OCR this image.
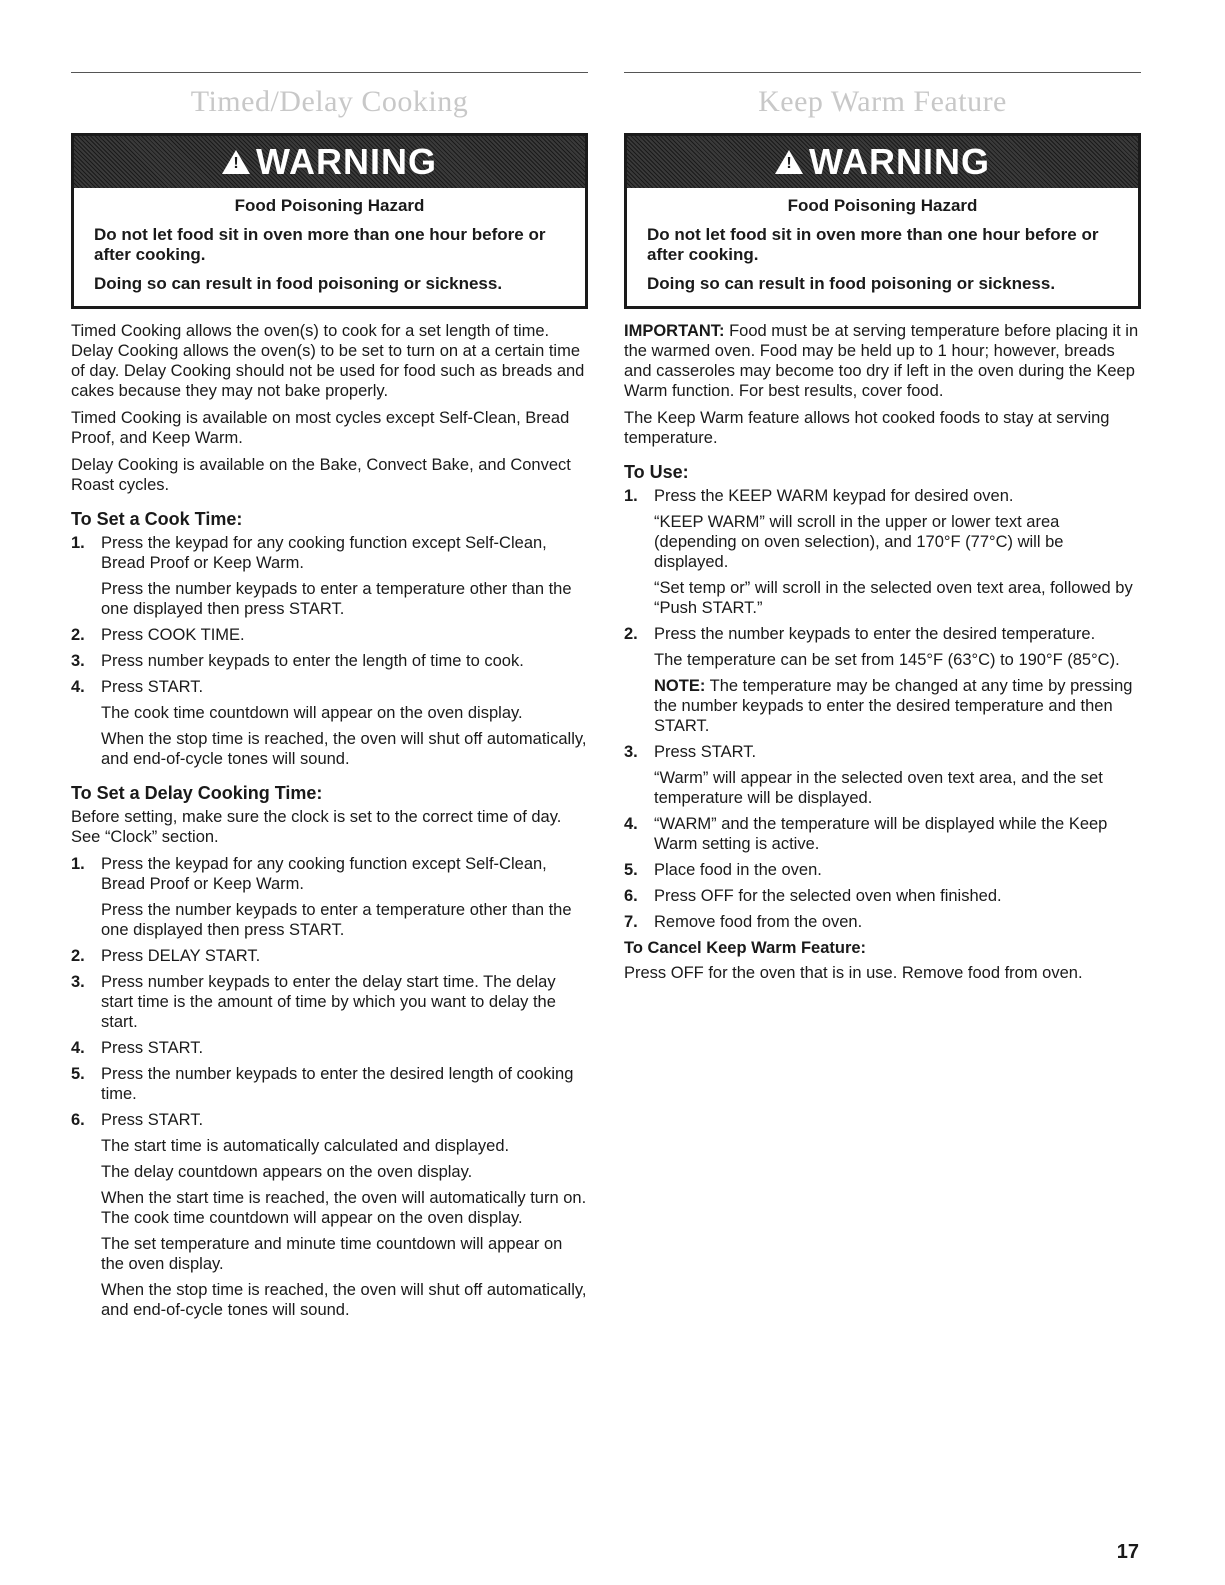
Timed/Delay Cooking
! WARNING

Food Poisoning Hazard

Do not let food sit in oven more than one hour before or after cooking.

Doing so can result in food poisoning or sickness.

Timed Cooking allows the oven(s) to cook for a set length of time. Delay Cooking allows the oven(s) to be set to turn on at a certain time of day. Delay Cooking should not be used for food such as breads and cakes because they may not bake properly.

Timed Cooking is available on most cycles except Self-Clean, Bread Proof, and Keep Warm.

Delay Cooking is available on the Bake, Convect Bake, and Convect Roast cycles.

To Set a Cook Time:
1. Press the keypad for any cooking function except Self-Clean, Bread Proof or Keep Warm.

Press the number keypads to enter a temperature other than the one displayed then press START.

2. Press COOK TIME.

3. Press number keypads to enter the length of time to cook.

4. Press START.

The cook time countdown will appear on the oven display.

When the stop time is reached, the oven will shut off automatically, and end-of-cycle tones will sound.

To Set a Delay Cooking Time:

Before setting, make sure the clock is set to the correct time of day. See “Clock” section.

1. Press the keypad for any cooking function except Self-Clean, Bread Proof or Keep Warm.

Press the number keypads to enter a temperature other than the one displayed then press START.

2. Press DELAY START.

3. Press number keypads to enter the delay start time. The delay start time is the amount of time by which you want to delay the start.

4. Press START.

5. Press the number keypads to enter the desired length of cooking time.

6. Press START.

The start time is automatically calculated and displayed.

The delay countdown appears on the oven display.

When the start time is reached, the oven will automatically turn on. The cook time countdown will appear on the oven display.

The set temperature and minute time countdown will appear on the oven display.

When the stop time is reached, the oven will shut off automatically, and end-of-cycle tones will sound.

Keep Warm Feature
! WARNING

Food Poisoning Hazard

Do not let food sit in oven more than one hour before or after cooking.

Doing so can result in food poisoning or sickness.

IMPORTANT: Food must be at serving temperature before placing it in the warmed oven. Food may be held up to 1 hour; however, breads and casseroles may become too dry if left in the oven during the Keep Warm function. For best results, cover food.

The Keep Warm feature allows hot cooked foods to stay at serving temperature.

To Use:
1. Press the KEEP WARM keypad for desired oven.

“KEEP WARM” will scroll in the upper or lower text area (depending on oven selection), and 170°F (77°C) will be displayed.

“Set temp or” will scroll in the selected oven text area, followed by “Push START.”

2. Press the number keypads to enter the desired temperature.

The temperature can be set from 145°F (63°C) to 190°F (85°C).

NOTE: The temperature may be changed at any time by pressing the number keypads to enter the desired temperature and then START.

3. Press START.

“Warm” will appear in the selected oven text area, and the set temperature will be displayed.

4. “WARM” and the temperature will be displayed while the Keep Warm setting is active.

5. Place food in the oven.

6. Press OFF for the selected oven when finished.

7. Remove food from the oven.

To Cancel Keep Warm Feature:

Press OFF for the oven that is in use. Remove food from oven.

17
